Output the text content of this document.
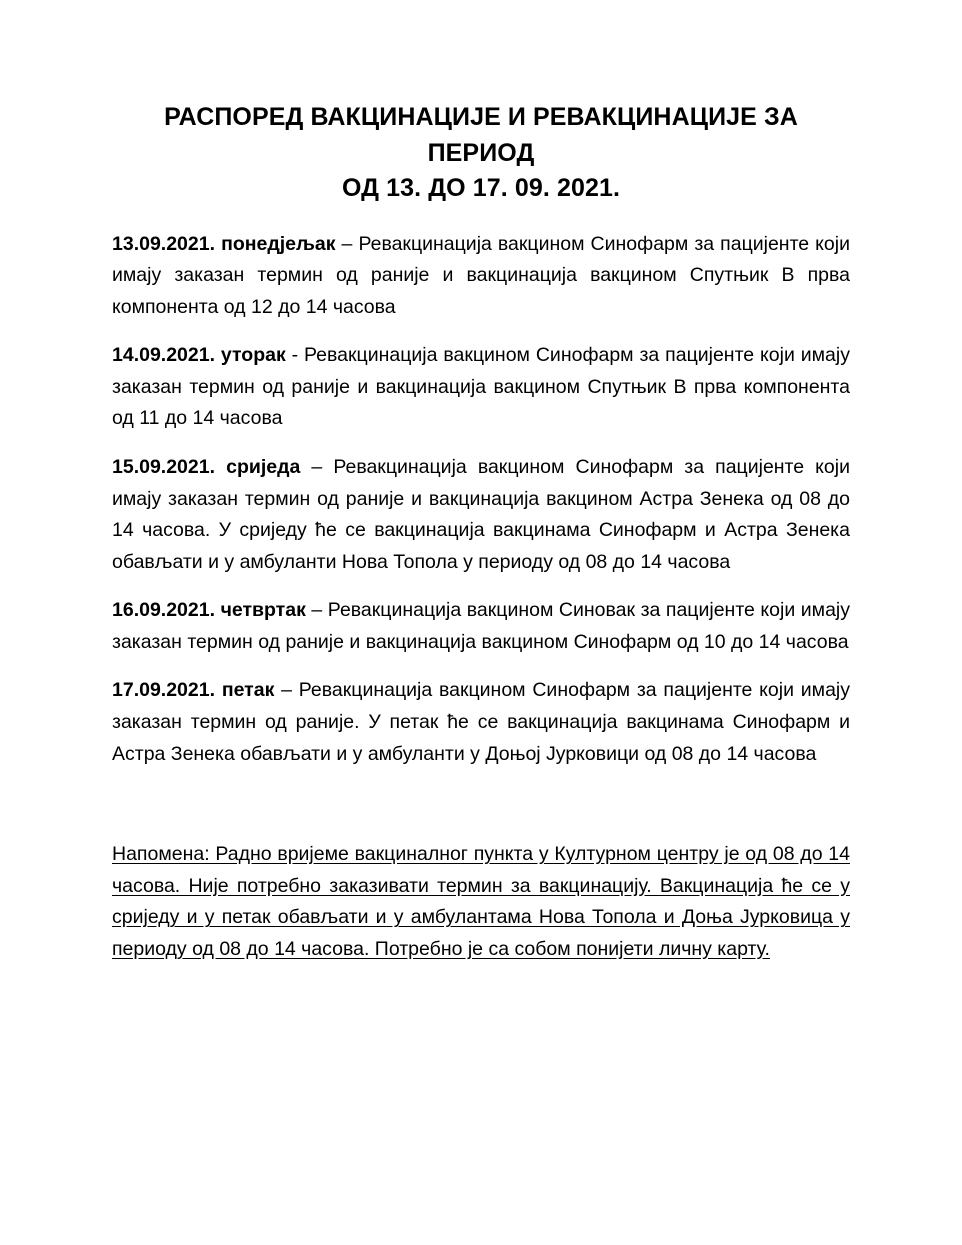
РАСПОРЕД ВАКЦИНАЦИЈЕ И РЕВАКЦИНАЦИЈЕ ЗА ПЕРИОД
ОД 13. ДО 17. 09. 2021.

13.09.2021. понедјељак – Ревакцинација вакцином Синофарм за пацијенте који имају заказан термин од раније и вакцинација вакцином Спутњик В прва компонента од 12 до 14 часова

14.09.2021. уторак - Ревакцинација вакцином Синофарм за пацијенте који имају заказан термин од раније и вакцинација вакцином Спутњик В прва компонента од 11 до 14 часова

15.09.2021. сриједа – Ревакцинација вакцином Синофарм за пацијенте који имају заказан термин од раније и вакцинација вакцином Астра Зенека од 08 до 14 часова. У сриједу ће се вакцинација вакцинама Синофарм и Астра Зенека обављати и у амбуланти Нова Топола у периоду од 08 до 14 часова

16.09.2021. четвртак – Ревакцинација вакцином Синовак за пацијенте који имају заказан термин од раније и вакцинација вакцином Синофарм од 10 до 14 часова

17.09.2021. петак – Ревакцинација вакцином Синофарм за пацијенте који имају заказан термин од раније. У петак ће се вакцинација вакцинама Синофарм и Астра Зенека обављати и у амбуланти у Доњој Јурковици од 08 до 14 часова

Напомена: Радно вријеме вакциналног пункта у Културном центру је од 08 до 14 часова. Није потребно заказивати термин за вакцинацију. Вакцинација ће се у сриједу и у петак обављати и у амбулантама Нова Топола и Доња Јурковица у периоду од 08 до 14 часова. Потребно је са собом понијети личну карту.
